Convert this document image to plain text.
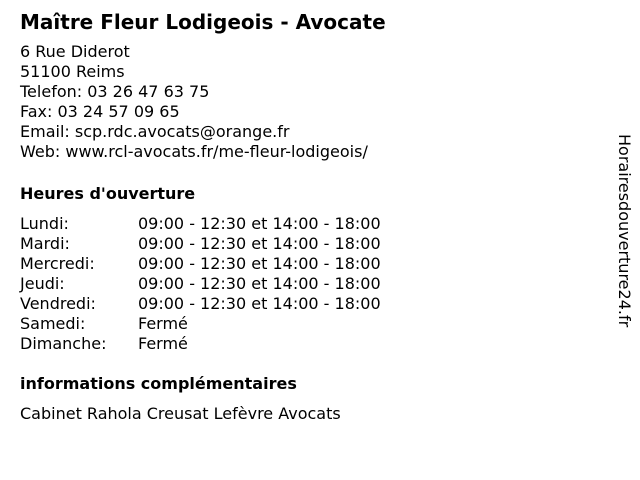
Maître Fleur Lodigeois - Avocate
6 Rue Diderot
51100 Reims
Telefon: 03 26 47 63 75
Fax: 03 24 57 09 65
Email: scp.rdc.avocats@orange.fr
Web: www.rcl-avocats.fr/me-fleur-lodigeois/
Heures d'ouverture
Lundi:	09:00 - 12:30 et 14:00 - 18:00
Mardi:	09:00 - 12:30 et 14:00 - 18:00
Mercredi:	09:00 - 12:30 et 14:00 - 18:00
Jeudi:	09:00 - 12:30 et 14:00 - 18:00
Vendredi:	09:00 - 12:30 et 14:00 - 18:00
Samedi:	Fermé
Dimanche:	Fermé
informations complémentaires
Cabinet Rahola Creusat Lefèvre Avocats
Horairesdouverture24.fr
